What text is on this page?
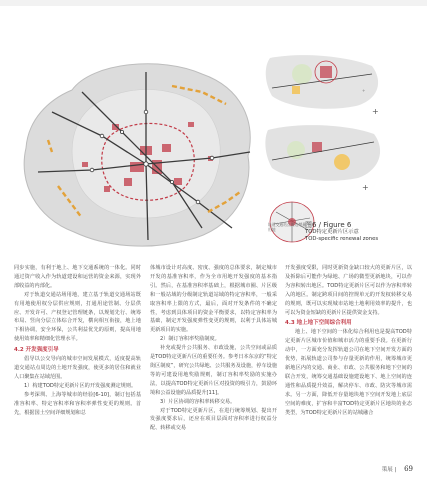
+
+
+
轨道交通站点周边增量用地
图6 / Figure 6
TOD特定更新片区示意
TOD-specific renewal zones

同步实施，有利于地上、地下交通系统的一体化。同时通过资产收入作为轨道建设和运营的资金来源，实现外部收益的内部化。

对于轨道交通站场用地，建立基于轨道交通场站既有用地使用权分层供应规则，打通用途管制、分层供应、开发许可、产权登记管理链条，以规划先行、统筹布局、竖向分层立体综合开发，横向相互衔接，地上地下相协调，安全环保，公共利益优先的原则，提高用地使用效率和精细化管理水平。

4.2 开发强度引导

倡导以公交导向的城市空间发展模式，适度提高轨道交通站点周边的土地开发强度，使更多的居住和就业人口聚集在站域范围。

1）构建TOD特定更新片区的开发强度测定规则。

参考深圳、上海等城市的经验[6-10]，制订包括基准容积率、特定容积率和容积率弹性变更的规则。首先，根据国土空间详细规划和总

体城市设计对高度、密度、强度的总体要求，制定城市开发的基准容积率，作为全市用地开发强度的基本指引。然后，在基准容积率基础上，根据城市圈、片区级和一般站域的分级制定轨道站域的特定容积率，一般采取容积率上限的方式，最后，面对开发条件的不确定性，考虑到具体项目的资金平衡要求，以特定容积率为基础，制定开发强度弹性变更的规则，以利于具体站城更新项目的实施。

2）制订容积率奖励制度。

补充或提升公共服务、市政设施，公共空间或品质是TOD特定更新片区的重要任务。参考日本东京的“特定街区制度”，研究公共绿地、公共服务及设施，停车设施等的可建设用地奖励规则，制订容积率奖励的实施办法，以提高TOD特定更新片区对投资的吸引力，鼓励环境和公益设施的品质提升[11]。

3）片区协调的容积率转移交易。

对于TOD特定更新片区，在进行统筹规划、提出开发强度要求后，还应在项目层面对容积率进行权益分配、转移或交易

开发强度受限，同时更新资金缺口较大的更新片区，以及拆除后可能作为绿地、广场的微型更新地块，可以作为容积转出地区。TOD特定更新片区可以作为容积率转入的地区。制定跨项目间的控规单元的开发权转移交易的规则，既可以实现城市站地土地利用效率的提升，也可以为资金短缺的更新片区提供资金支持。

4.3 地上地下空间综合利用

地上、地下空间的一体化综合利用也是提高TOD特定更新片区城市价值和城市活力的重要手段。在更新行动中，一方面充分发挥轨道公司在地下空间开发方面的优势，拓展轨道公司参与存量更新的作用，统筹城市更新地区内的交通、商业、市政、公共服务和地下空间的联合开发，统筹交通基础设施建设地下、地上空间的连通性和品质提升效益，解决停车、市政、防灾等城市需求。另一方面，降低开存量地块地下空间开发地上底层空间的难度，扩容和丰富TOD特定更新片区地块的业态类型，为TOD特定更新片区的站城融合

策展 | 69
